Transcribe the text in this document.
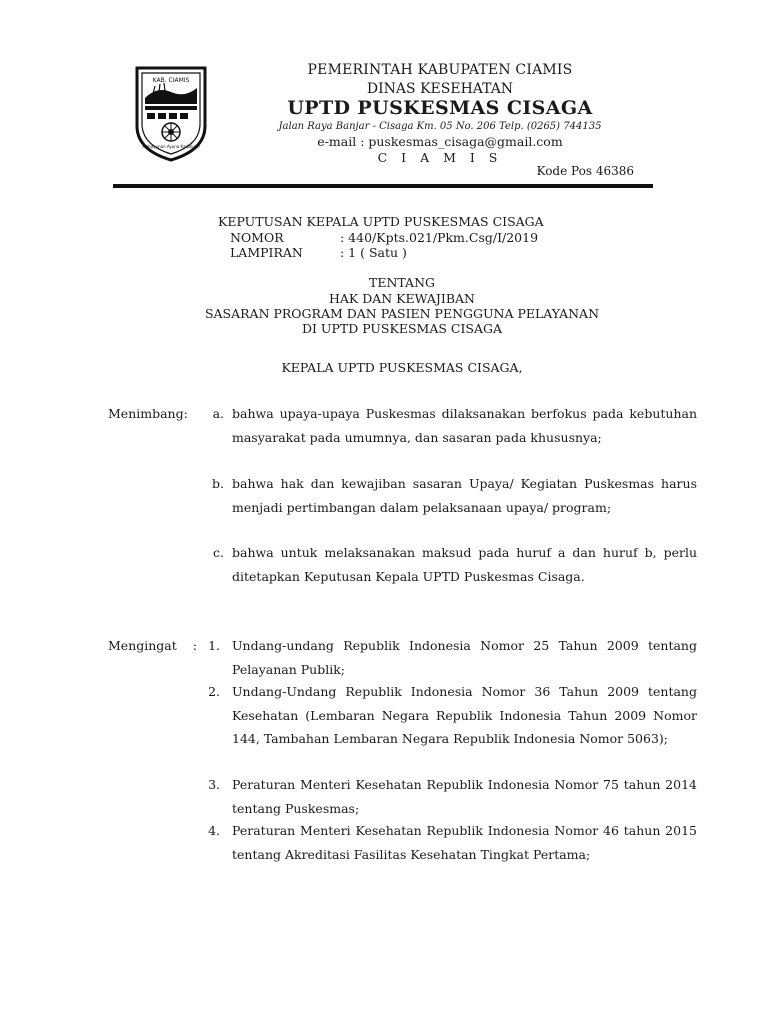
KAB. CIAMIS
Mahayunan Ayuna Kadatuan
PEMERINTAH KABUPATEN CIAMIS
DINAS KESEHATAN
UPTD PUSKESMAS CISAGA
Jalan Raya Banjar - Cisaga Km. 05 No. 206 Telp. (0265) 744135
e-mail : puskesmas_cisaga@gmail.com
C I A M I S
Kode Pos 46386
KEPUTUSAN KEPALA UPTD PUSKESMAS CISAGA
NOMOR	: 440/Kpts.021/Pkm.Csg/I/2019
LAMPIRAN	: 1 ( Satu )
TENTANG
HAK DAN KEWAJIBAN
SASARAN PROGRAM DAN PASIEN PENGGUNA PELAYANAN
DI UPTD PUSKESMAS CISAGA
KEPALA UPTD PUSKESMAS CISAGA,
Menimbang:	a. bahwa upaya-upaya Puskesmas dilaksanakan berfokus pada kebutuhan masyarakat pada umumnya, dan sasaran pada khususnya;
b. bahwa hak dan kewajiban sasaran Upaya/ Kegiatan Puskesmas harus menjadi pertimbangan dalam pelaksanaan upaya/ program;
c. bahwa untuk melaksanakan maksud pada huruf a dan huruf b, perlu ditetapkan Keputusan Kepala UPTD Puskesmas Cisaga.
Mengingat : 1. Undang-undang Republik Indonesia Nomor 25 Tahun 2009 tentang Pelayanan Publik;
2. Undang-Undang Republik Indonesia Nomor 36 Tahun 2009 tentang Kesehatan (Lembaran Negara Republik Indonesia Tahun 2009 Nomor 144, Tambahan Lembaran Negara Republik Indonesia Nomor 5063);
3. Peraturan Menteri Kesehatan Republik Indonesia Nomor 75 tahun 2014 tentang Puskesmas;
4. Peraturan Menteri Kesehatan Republik Indonesia Nomor 46 tahun 2015 tentang Akreditasi Fasilitas Kesehatan Tingkat Pertama;
